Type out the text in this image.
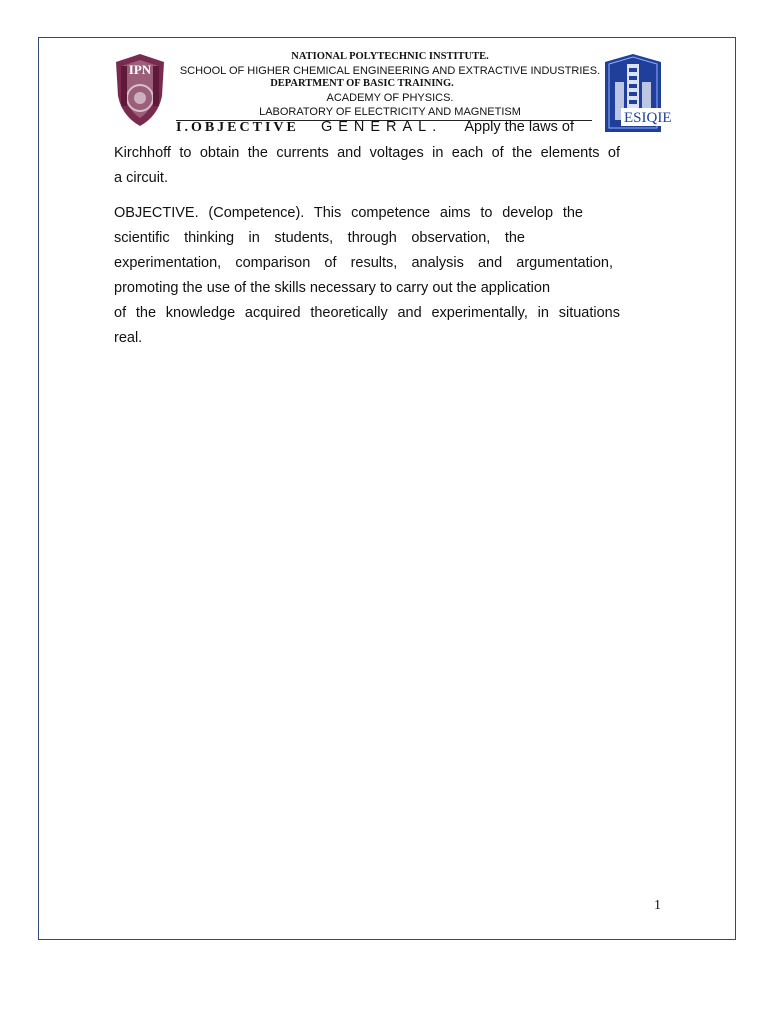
IPN
ESIQIE
NATIONAL POLYTECHNIC INSTITUTE.
SCHOOL OF HIGHER CHEMICAL ENGINEERING AND EXTRACTIVE INDUSTRIES.
DEPARTMENT OF BASIC TRAINING.
ACADEMY OF PHYSICS.
LABORATORY OF ELECTRICITY AND MAGNETISM
I.OBJECTIVE GENERAL. Apply the laws of
Kirchhoff to obtain the currents and voltages in each of the elements of
a circuit.
OBJECTIVE. (Competence). This competence aims to develop the
scientific thinking in students, through observation, the
experimentation, comparison of results, analysis and argumentation,
promoting the use of the skills necessary to carry out the application
of the knowledge acquired theoretically and experimentally, in situations
real.
1
